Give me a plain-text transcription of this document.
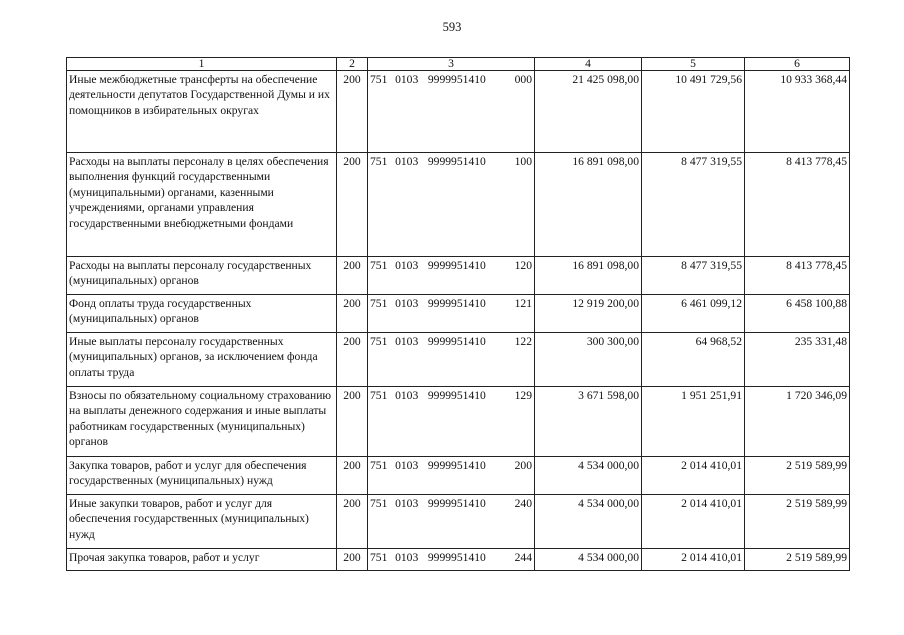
593
1	2	3	4	5	6
Иные межбюджетные трансферты на обеспечение деятельности депутатов Государственной Думы и их помощников в избирательных округах	200	751 0103 9999951410 000	21 425 098,00	10 491 729,56	10 933 368,44
Расходы на выплаты персоналу в целях обеспечения выполнения функций государственными (муниципальными) органами, казенными учреждениями, органами управления государственными внебюджетными фондами	200	751 0103 9999951410 100	16 891 098,00	8 477 319,55	8 413 778,45
Расходы на выплаты персоналу государственных (муниципальных) органов	200	751 0103 9999951410 120	16 891 098,00	8 477 319,55	8 413 778,45
Фонд оплаты труда государственных (муниципальных) органов	200	751 0103 9999951410 121	12 919 200,00	6 461 099,12	6 458 100,88
Иные выплаты персоналу государственных (муниципальных) органов, за исключением фонда оплаты труда	200	751 0103 9999951410 122	300 300,00	64 968,52	235 331,48
Взносы по обязательному социальному страхованию на выплаты денежного содержания и иные выплаты работникам государственных (муниципальных) органов	200	751 0103 9999951410 129	3 671 598,00	1 951 251,91	1 720 346,09
Закупка товаров, работ и услуг для обеспечения государственных (муниципальных) нужд	200	751 0103 9999951410 200	4 534 000,00	2 014 410,01	2 519 589,99
Иные закупки товаров, работ и услуг для обеспечения государственных (муниципальных) нужд	200	751 0103 9999951410 240	4 534 000,00	2 014 410,01	2 519 589,99
Прочая закупка товаров, работ и услуг	200	751 0103 9999951410 244	4 534 000,00	2 014 410,01	2 519 589,99
